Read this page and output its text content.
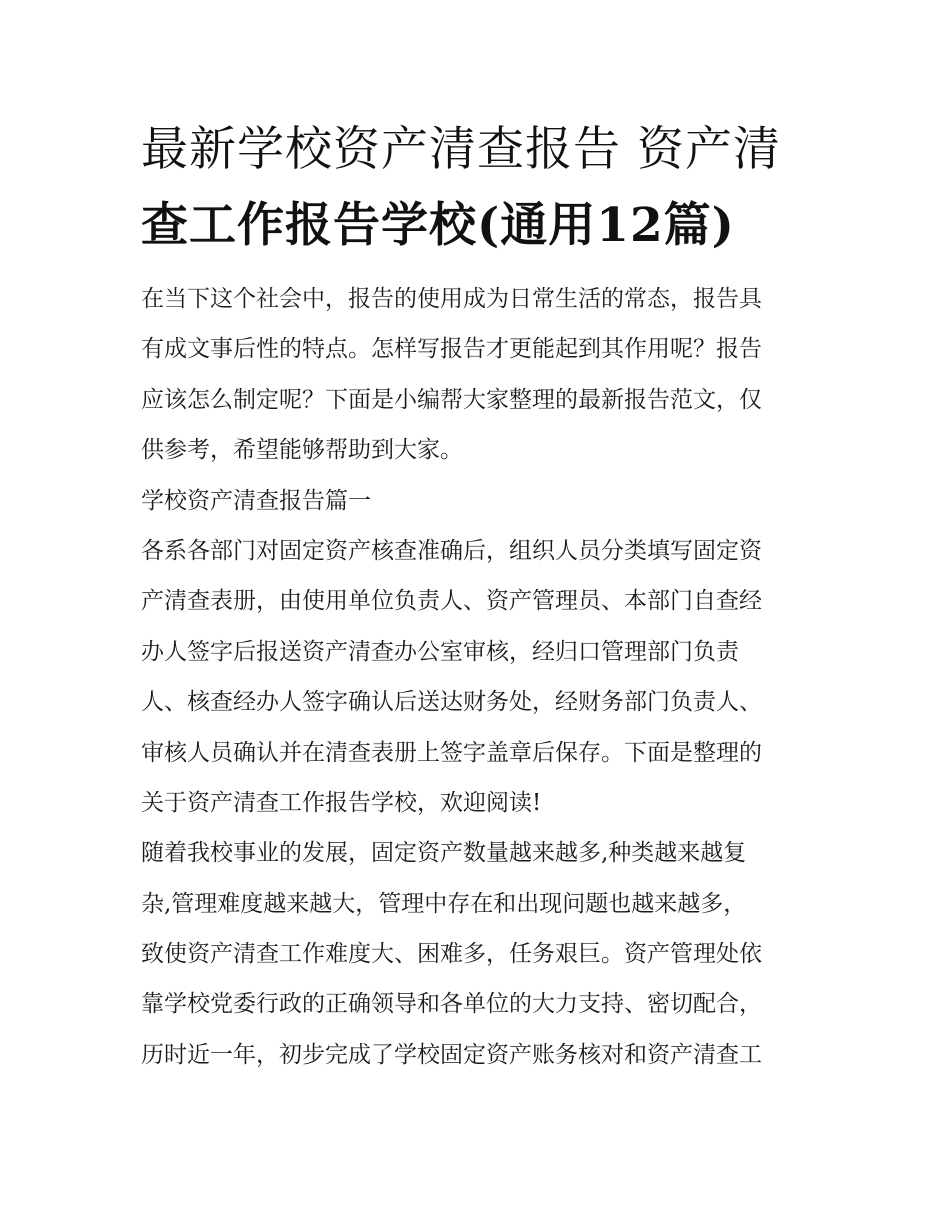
最新学校资产清查报告 资产清
查工作报告学校(通用12篇)
在当下这个社会中，报告的使用成为日常生活的常态，报告具
有成文事后性的特点。怎样写报告才更能起到其作用呢？报告
应该怎么制定呢？下面是小编帮大家整理的最新报告范文，仅
供参考，希望能够帮助到大家。
学校资产清查报告篇一
各系各部门对固定资产核查准确后，组织人员分类填写固定资
产清查表册，由使用单位负责人、资产管理员、本部门自查经
办人签字后报送资产清查办公室审核，经归口管理部门负责
人、核查经办人签字确认后送达财务处，经财务部门负责人、
审核人员确认并在清查表册上签字盖章后保存。下面是整理的
关于资产清查工作报告学校，欢迎阅读!
随着我校事业的发展，固定资产数量越来越多,种类越来越复
杂,管理难度越来越大，管理中存在和出现问题也越来越多，
致使资产清查工作难度大、困难多，任务艰巨。资产管理处依
靠学校党委行政的正确领导和各单位的大力支持、密切配合，
历时近一年，初步完成了学校固定资产账务核对和资产清查工
